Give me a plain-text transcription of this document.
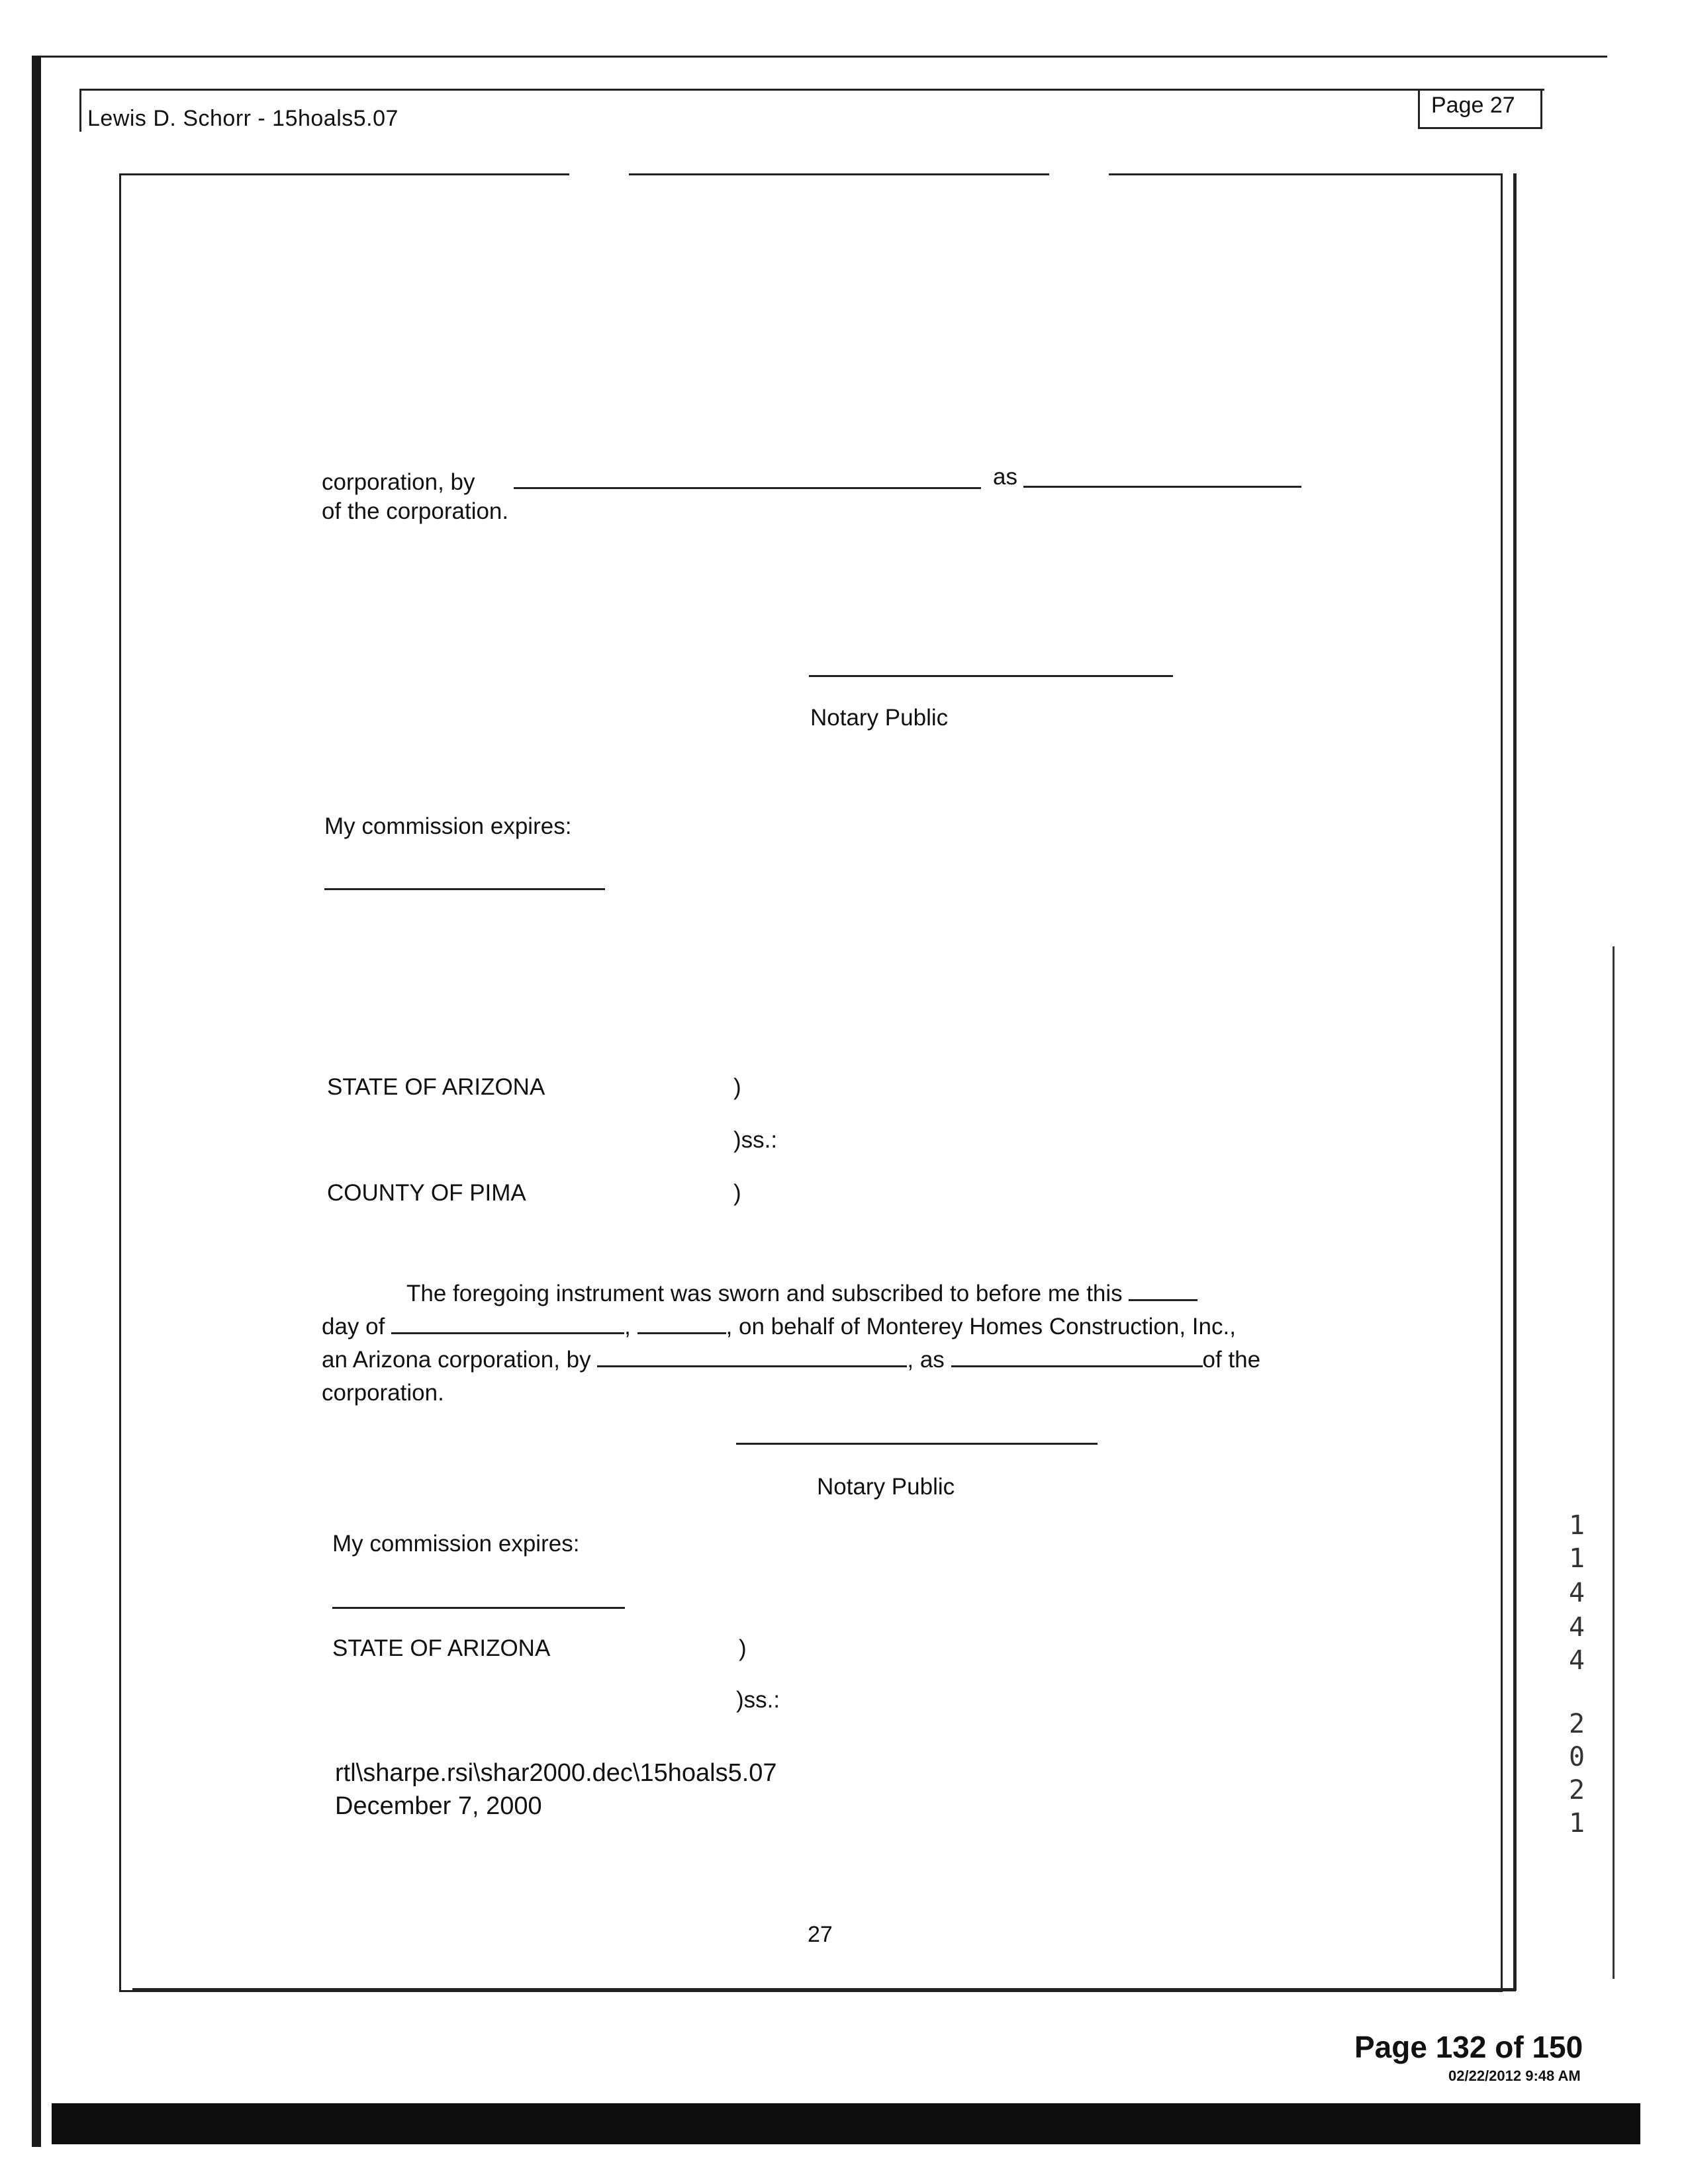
Lewis D. Schorr - 15hoals5.07
Page 27
corporation, by	as
of the corporation.
Notary Public
My commission expires:
STATE OF ARIZONA	)
)ss.:
COUNTY OF PIMA	)
The foregoing instrument was sworn and subscribed to before me this
day of	,	, on behalf of Monterey Homes Construction, Inc.,
an Arizona corporation, by	, as	of the
corporation.
Notary Public
My commission expires:
STATE OF ARIZONA	)
)ss.:
rtl\sharpe.rsi\shar2000.dec\15hoals5.07
December 7, 2000
27
1
1
4
4
4
2
0
2
1
Page 132 of 150
02/22/2012 9:48 AM
